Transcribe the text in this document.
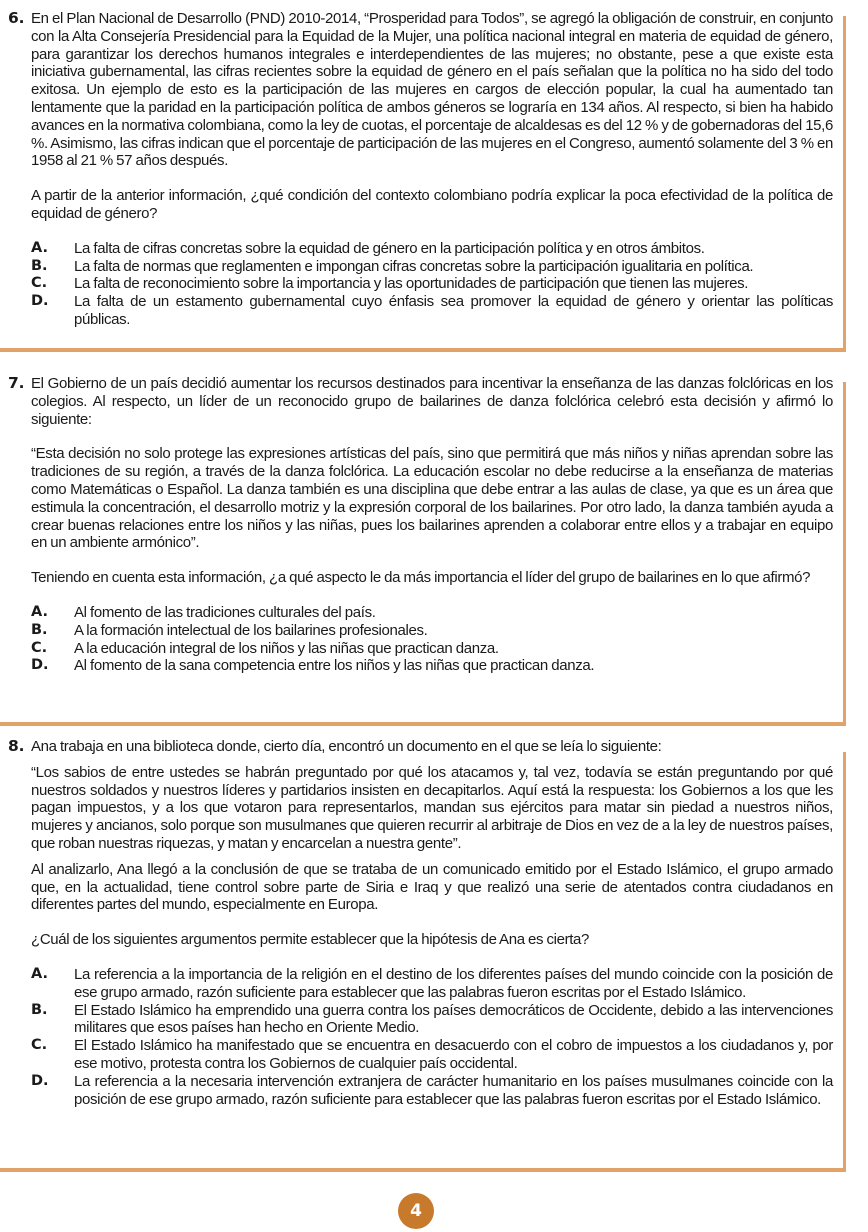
6. En el Plan Nacional de Desarrollo (PND) 2010-2014, “Prosperidad para Todos”, se agregó la obligación de construir, en conjunto con la Alta Consejería Presidencial para la Equidad de la Mujer, una política nacional integral en materia de equidad de género, para garantizar los derechos humanos integrales e interdependientes de las mujeres; no obstante, pese a que existe esta iniciativa gubernamental, las cifras recientes sobre la equidad de género en el país señalan que la política no ha sido del todo exitosa. Un ejemplo de esto es la participación de las mujeres en cargos de elección popular, la cual ha aumentado tan lentamente que la paridad en la participación política de ambos géneros se lograría en 134 años. Al respecto, si bien ha habido avances en la normativa colombiana, como la ley de cuotas, el porcentaje de alcaldesas es del 12 % y de gobernadoras del 15,6 %. Asimismo, las cifras indican que el porcentaje de participación de las mujeres en el Congreso, aumentó solamente del 3 % en 1958 al 21 % 57 años después.

A partir de la anterior información, ¿qué condición del contexto colombiano podría explicar la poca efectividad de la política de equidad de género?

A.	La falta de cifras concretas sobre la equidad de género en la participación política y en otros ámbitos.
B.	La falta de normas que reglamenten e impongan cifras concretas sobre la participación igualitaria en política.
C.	La falta de reconocimiento sobre la importancia y las oportunidades de participación que tienen las mujeres.
D.	La falta de un estamento gubernamental cuyo énfasis sea promover la equidad de género y orientar las políticas públicas.
7. El Gobierno de un país decidió aumentar los recursos destinados para incentivar la enseñanza de las danzas folclóricas en los colegios. Al respecto, un líder de un reconocido grupo de bailarines de danza folclórica celebró esta decisión y afirmó lo siguiente:

“Esta decisión no solo protege las expresiones artísticas del país, sino que permitirá que más niños y niñas aprendan sobre las tradiciones de su región, a través de la danza folclórica. La educación escolar no debe reducirse a la enseñanza de materias como Matemáticas o Español. La danza también es una disciplina que debe entrar a las aulas de clase, ya que es un área que estimula la concentración, el desarrollo motriz y la expresión corporal de los bailarines. Por otro lado, la danza también ayuda a crear buenas relaciones entre los niños y las niñas, pues los bailarines aprenden a colaborar entre ellos y a trabajar en equipo en un ambiente armónico”.

Teniendo en cuenta esta información, ¿a qué aspecto le da más importancia el líder del grupo de bailarines en lo que afirmó?

A.	Al fomento de las tradiciones culturales del país.
B.	A la formación intelectual de los bailarines profesionales.
C.	A la educación integral de los niños y las niñas que practican danza.
D.	Al fomento de la sana competencia entre los niños y las niñas que practican danza.
8. Ana trabaja en una biblioteca donde, cierto día, encontró un documento en el que se leía lo siguiente:

“Los sabios de entre ustedes se habrán preguntado por qué los atacamos y, tal vez, todavía se están preguntando por qué nuestros soldados y nuestros líderes y partidarios insisten en decapitarlos. Aquí está la respuesta: los Gobiernos a los que les pagan impuestos, y a los que votaron para representarlos, mandan sus ejércitos para matar sin piedad a nuestros niños, mujeres y ancianos, solo porque son musulmanes que quieren recurrir al arbitraje de Dios en vez de a la ley de nuestros países, que roban nuestras riquezas, y matan y encarcelan a nuestra gente”.

Al analizarlo, Ana llegó a la conclusión de que se trataba de un comunicado emitido por el Estado Islámico, el grupo armado que, en la actualidad, tiene control sobre parte de Siria e Iraq y que realizó una serie de atentados contra ciudadanos en diferentes partes del mundo, especialmente en Europa.

¿Cuál de los siguientes argumentos permite establecer que la hipótesis de Ana es cierta?

A.	La referencia a la importancia de la religión en el destino de los diferentes países del mundo coincide con la posición de ese grupo armado, razón suficiente para establecer que las palabras fueron escritas por el Estado Islámico.
B.	El Estado Islámico ha emprendido una guerra contra los países democráticos de Occidente, debido a las intervenciones militares que esos países han hecho en Oriente Medio.
C.	El Estado Islámico ha manifestado que se encuentra en desacuerdo con el cobro de impuestos a los ciudadanos y, por ese motivo, protesta contra los Gobiernos de cualquier país occidental.
D.	La referencia a la necesaria intervención extranjera de carácter humanitario en los países musulmanes coincide con la posición de ese grupo armado, razón suficiente para establecer que las palabras fueron escritas por el Estado Islámico.
4
